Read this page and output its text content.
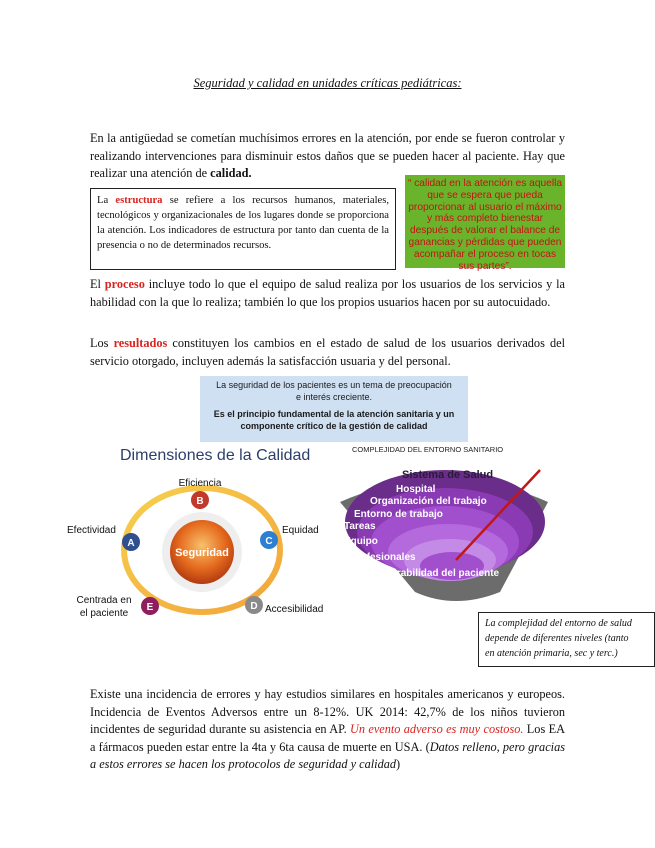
Seguridad y calidad en unidades críticas pediátricas:

En la antigüedad se cometían muchísimos errores en la atención, por ende se fueron controlar y realizando intervenciones para disminuir estos daños que se pueden hacer al paciente. Hay que realizar una atención de calidad.

La estructura se refiere a los recursos humanos, materiales, tecnológicos y organizacionales de los lugares donde se proporciona la atención. Los indicadores de estructura por tanto dan cuenta de la presencia o no de determinados recursos.
“ calidad en la atención es aquella que se espera que pueda proporcionar al usuario el máximo y más completo bienestar después de valorar el balance de ganancias y pérdidas que pueden acompañar el proceso en tocas sus partes”.

El proceso incluye todo lo que el equipo de salud realiza por los usuarios de los servicios y la habilidad con la que lo realiza; también lo que los propios usuarios hacen por su autocuidado.

Los resultados constituyen los cambios en el estado de salud de los usuarios derivados del servicio otorgado, incluyen además la satisfacción usuaria y del personal.

La seguridad de los pacientes es un tema de preocupación
e interés creciente.
Es el principio fundamental de la atención sanitaria y un
componente crítico de la gestión de calidad
Dimensiones de la Calidad
Seguridad
B
Eficiencia
C
Equidad
D Accesibilidad
E
Centrada en
el paciente
A
Efectividad
COMPLEJIDAD DEL ENTORNO SANITARIO
Sistema de Salud
Hospital
Organización del trabajo
Entorno de trabajo
Tareas
Equipo
Profesionales
Vulnerabilidad del paciente
La complejidad del entorno de salud
depende de diferentes niveles (tanto
en atención primaria, sec y terc.)

Existe una incidencia de errores y hay estudios similares en hospitales americanos y europeos. Incidencia de Eventos Adversos entre un 8-12%. UK 2014: 42,7% de los niños tuvieron incidentes de seguridad durante su asistencia en AP. Un evento adverso es muy costoso. Los EA a fármacos pueden estar entre la 4ta y 6ta causa de muerte en USA. (Datos relleno, pero gracias a estos errores se hacen los protocolos de seguridad y calidad)
